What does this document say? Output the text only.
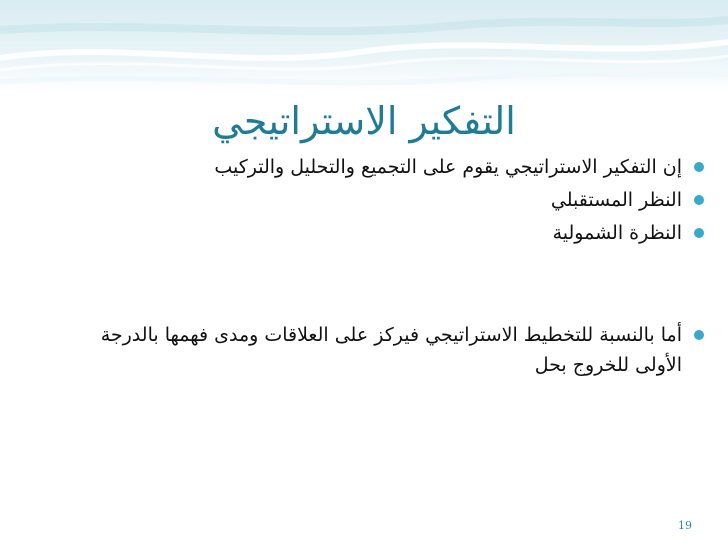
التفكير الاستراتيجي
إن التفكير الاستراتيجي يقوم على التجميع والتحليل والتركيب
النظر المستقبلي
النظرة الشمولية
أما بالنسبة للتخطيط الاستراتيجي فيركز على العلاقات ومدى فهمها بالدرجة الأولى للخروج بحل
19
